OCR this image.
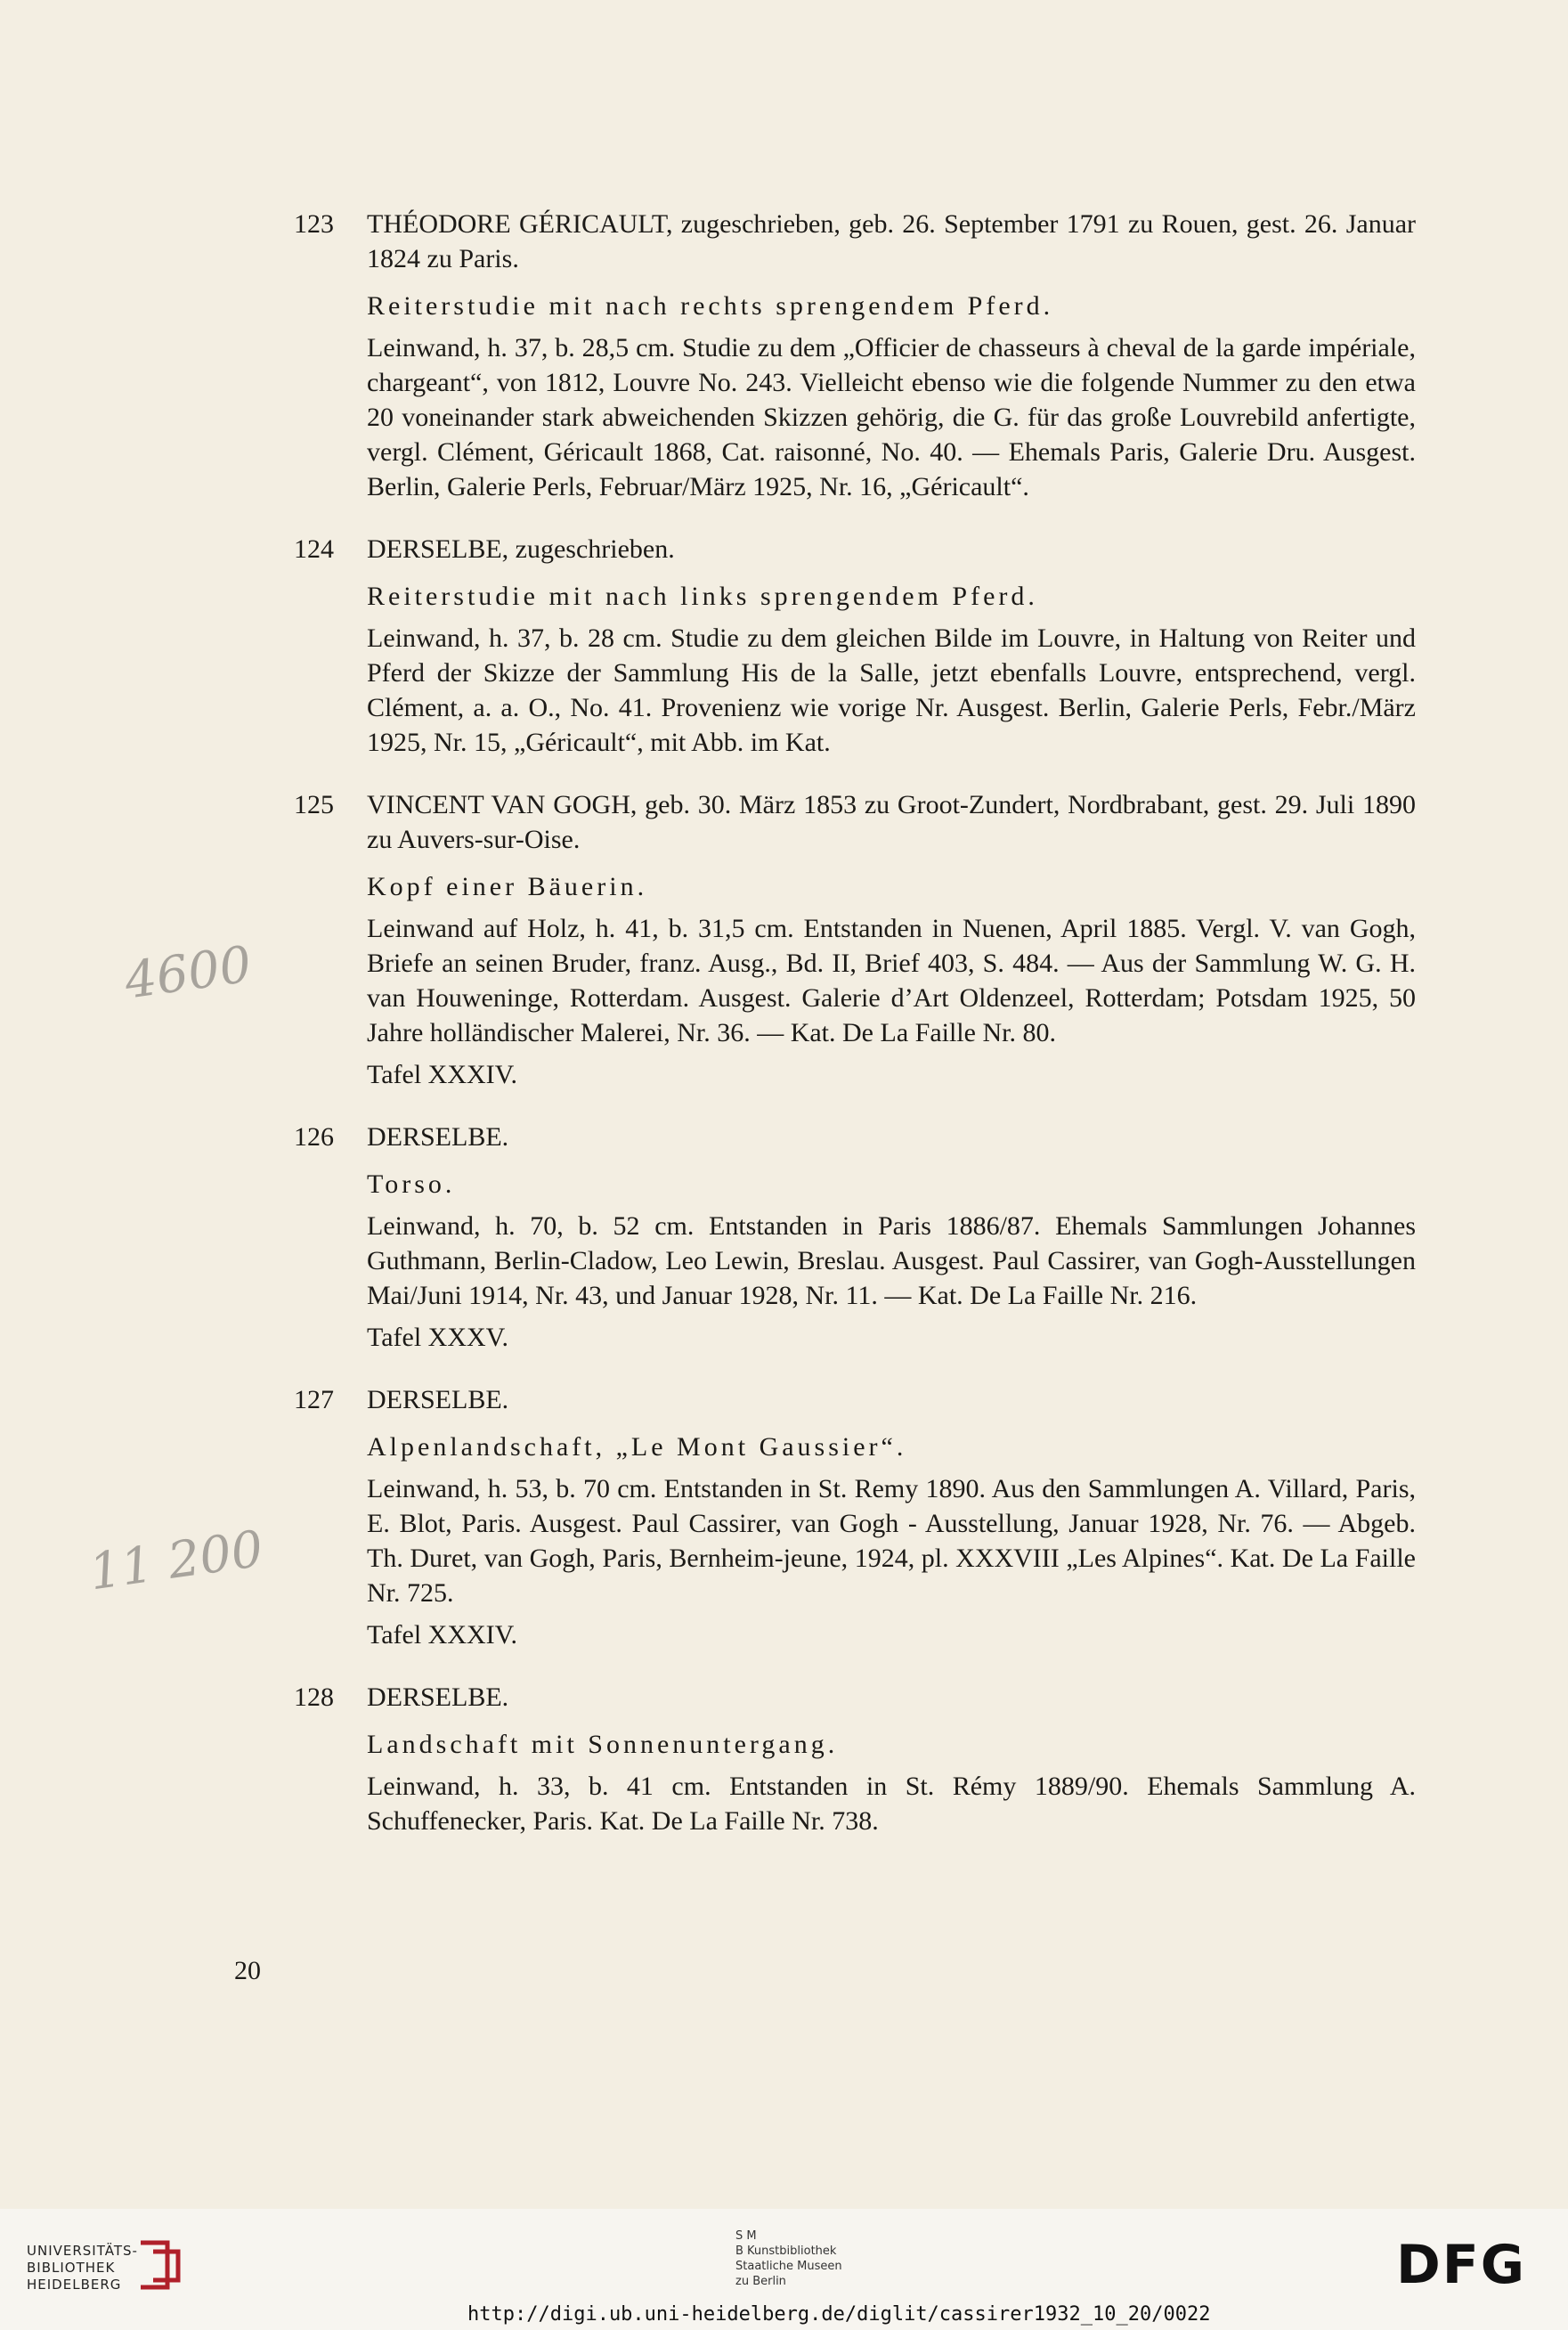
123	THÉODORE GÉRICAULT, zugeschrieben, geb. 26. September 1791 zu Rouen, gest. 26. Januar 1824 zu Paris.
Reiterstudie mit nach rechts sprengendem Pferd.
Leinwand, h. 37, b. 28,5 cm. Studie zu dem „Officier de chasseurs à cheval de la garde impériale, chargeant“, von 1812, Louvre No. 243. Vielleicht ebenso wie die folgende Nummer zu den etwa 20 voneinander stark abweichenden Skizzen gehörig, die G. für das große Louvrebild anfertigte, vergl. Clément, Géricault 1868, Cat. raisonné, No. 40. — Ehemals Paris, Galerie Dru. Ausgest. Berlin, Galerie Perls, Februar/März 1925, Nr. 16, „Géricault“.
124	DERSELBE, zugeschrieben.
Reiterstudie mit nach links sprengendem Pferd.
Leinwand, h. 37, b. 28 cm. Studie zu dem gleichen Bilde im Louvre, in Haltung von Reiter und Pferd der Skizze der Sammlung His de la Salle, jetzt ebenfalls Louvre, entsprechend, vergl. Clément, a. a. O., No. 41. Provenienz wie vorige Nr. Ausgest. Berlin, Galerie Perls, Febr./März 1925, Nr. 15, „Géricault“, mit Abb. im Kat.
125	VINCENT VAN GOGH, geb. 30. März 1853 zu Groot-Zundert, Nordbrabant, gest. 29. Juli 1890 zu Auvers-sur-Oise.
Kopf einer Bäuerin.
Leinwand auf Holz, h. 41, b. 31,5 cm. Entstanden in Nuenen, April 1885. Vergl. V. van Gogh, Briefe an seinen Bruder, franz. Ausg., Bd. II, Brief 403, S. 484. — Aus der Sammlung W. G. H. van Houweninge, Rotterdam. Ausgest. Galerie d’Art Oldenzeel, Rotterdam; Potsdam 1925, 50 Jahre holländischer Malerei, Nr. 36. — Kat. De La Faille Nr. 80.
Tafel XXXIV.
126	DERSELBE.
Torso.
Leinwand, h. 70, b. 52 cm. Entstanden in Paris 1886/87. Ehemals Sammlungen Johannes Guthmann, Berlin-Cladow, Leo Lewin, Breslau. Ausgest. Paul Cassirer, van Gogh-Ausstellungen Mai/Juni 1914, Nr. 43, und Januar 1928, Nr. 11. — Kat. De La Faille Nr. 216.
Tafel XXXV.
127	DERSELBE.
Alpenlandschaft, „Le Mont Gaussier“.
Leinwand, h. 53, b. 70 cm. Entstanden in St. Remy 1890. Aus den Sammlungen A. Villard, Paris, E. Blot, Paris. Ausgest. Paul Cassirer, van Gogh - Ausstellung, Januar 1928, Nr. 76. — Abgeb. Th. Duret, van Gogh, Paris, Bernheim-jeune, 1924, pl. XXXVIII „Les Alpines“. Kat. De La Faille Nr. 725.
Tafel XXXIV.
128	DERSELBE.
Landschaft mit Sonnenuntergang.
Leinwand, h. 33, b. 41 cm. Entstanden in St. Rémy 1889/90. Ehemals Sammlung A. Schuffenecker, Paris. Kat. De La Faille Nr. 738.
4600
11 200
20
UNIVERSITÄTS-
BIBLIOTHEK
HEIDELBERG
S M
B Kunstbibliothek
Staatliche Museen
zu Berlin	DFG
http://digi.ub.uni-heidelberg.de/diglit/cassirer1932_10_20/0022
